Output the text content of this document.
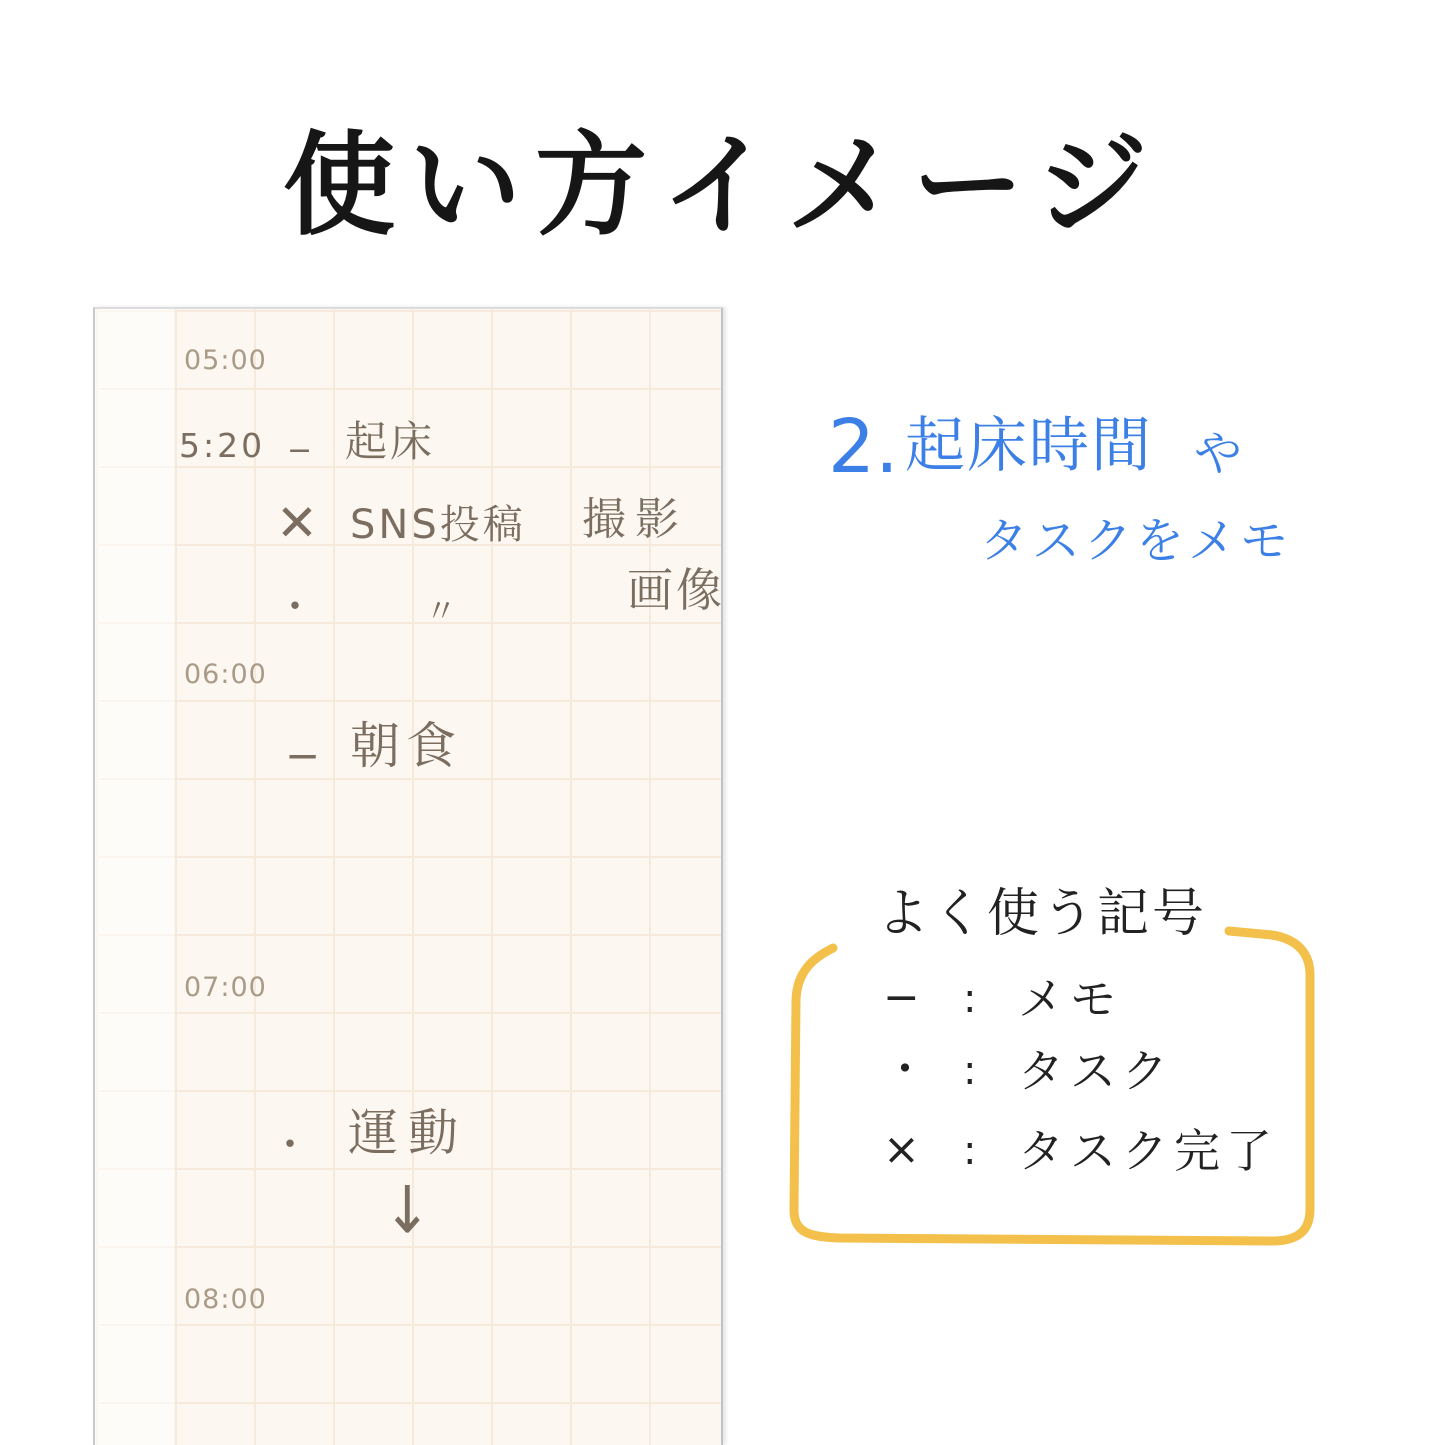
使い方イメージ
05:00
06:00
07:00
08:00
5:20 − 起床
✕ SNS投稿 撮影
・	〃	画像
− 朝食
・ 運動
↓
2. 起床時間 や
タスクをメモ
よく使う記号
−	: メモ
・ : タスク
×	: タスク完了
